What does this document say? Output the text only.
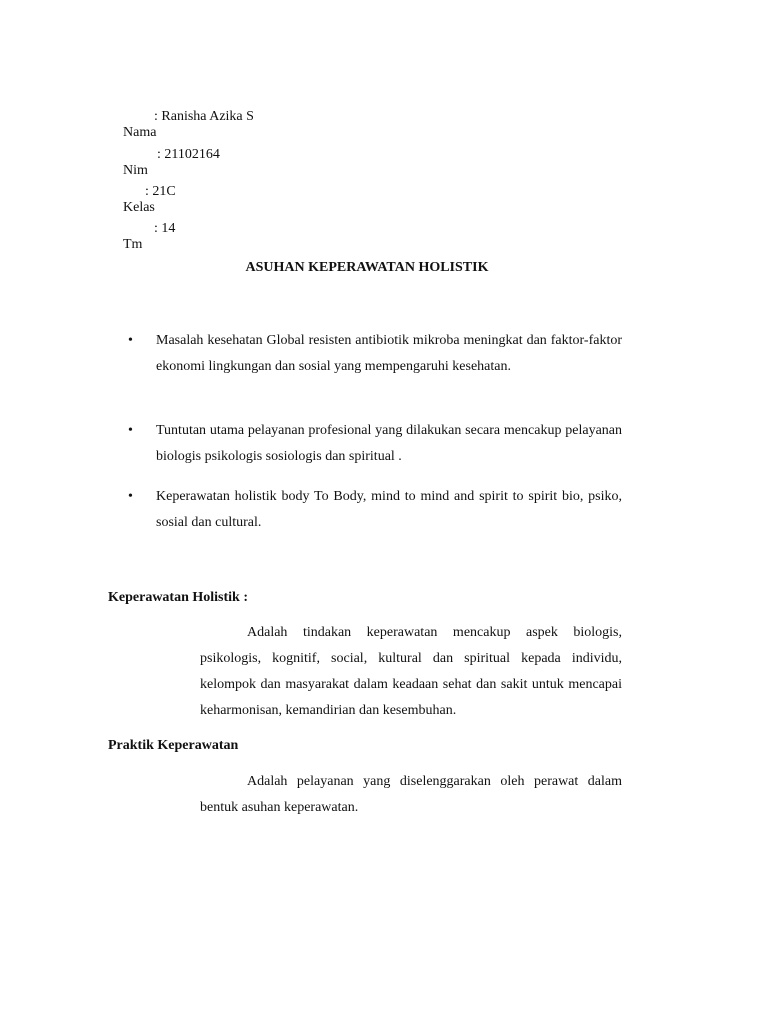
Nama

: Ranisha Azika S

Nim

: 21102164

Kelas

: 21C

Tm

: 14

ASUHAN KEPERAWATAN HOLISTIK
• Masalah kesehatan Global resisten antibiotik mikroba meningkat dan faktor-faktor ekonomi lingkungan dan sosial yang mempengaruhi kesehatan.

• Tuntutan utama pelayanan profesional yang dilakukan secara mencakup pelayanan biologis psikologis sosiologis dan spiritual .

• Keperawatan holistik body To Body, mind to mind and spirit to spirit bio, psiko, sosial dan cultural.

Keperawatan Holistik :

Adalah tindakan keperawatan mencakup aspek biologis, psikologis, kognitif, social, kultural dan spiritual kepada individu, kelompok dan masyarakat dalam keadaan sehat dan sakit untuk mencapai keharmonisan, kemandirian dan kesembuhan.

Praktik Keperawatan

Adalah pelayanan yang diselenggarakan oleh perawat dalam bentuk asuhan keperawatan.
